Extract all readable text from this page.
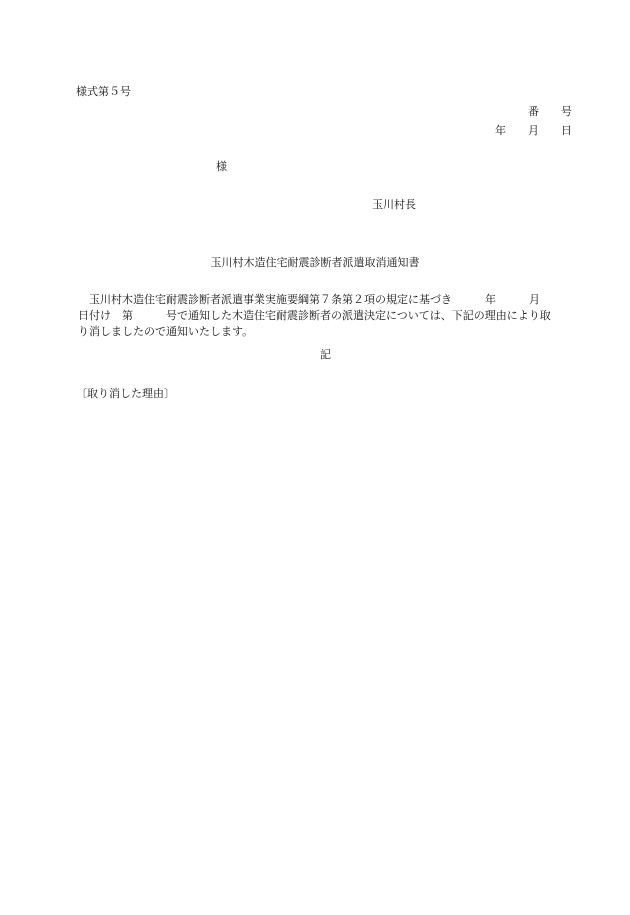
様式第５号
番 号
年 月 日
様
玉川村長
玉川村木造住宅耐震診断者派遣取消通知書
玉川村木造住宅耐震診断者派遣事業実施要綱第７条第２項の規定に基づき　　　年　　　月
日付け　第　　　号で通知した木造住宅耐震診断者の派遣決定については、下記の理由により取
り消しましたので通知いたします。
記
〔取り消した理由〕
